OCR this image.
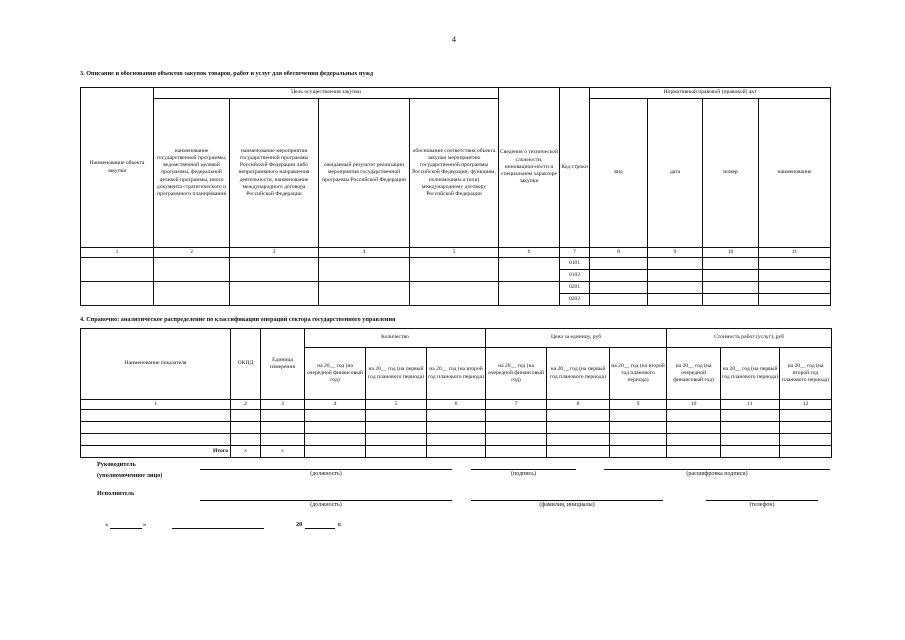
4
3. Описание и обоснования объектов закупок товаров, работ и услуг для обеспечения федеральных нужд
Наименование объекта закупки	Цель осуществления закупки				Сведения о технической сложности, инновацион-ности и специальном характере закупки	Код строки	Нормативный правовой (правовой) акт			
	наименование государственной программы, ведомственной целевой программы, федеральной целевой программы, иного документа стратегического и программного планирования	наименование мероприятия государственной программы Российской Федерации либо непрограммного направления деятельности, наименование международного договора Российской Федерации	ожидаемый результат реализации мероприятия государственной программы Российской Федерации	обоснование соответствия объекта закупки мероприятию государственной программы Российской Федерации, функциям, полномочиям и (или) международному договору Российской Федерации			вид	дата	номер	наименование
1	2	3	4	5	6	7	8	9	10	11
						0101				
						0102				
						0201				
						0202				
4. Справочно: аналитическое распределение по классификации операций сектора государственного управления
Наименование показателя	ОКПД	Единица измерения	Количество			Цена за единицу, руб			Стоимость работ (услуг), руб		
			на 20__ год (на очередной финансовый год)	на 20__ год (на первый год планового периода)	на 20__ год (на второй год планового периода)	на 20__ год (на очередной финансовый год)	на 20__ год (на первый год планового периода)	на 20__ год (на второй год планового периода)	на 20__ год (на очередной финансовый год)	на 20__ год (на первый год планового периода)	на 20__ год (на второй год планового периода)
1	2	3	4	5	6	7	8	9	10	11	12

Итого	x	x									
Руководитель
(уполномоченное лицо)	(должность)	(подпись)	(расшифровка подписи)
Исполнитель
(должность)	(фамилия, инициалы)	(телефон)
«	»	20	г.
